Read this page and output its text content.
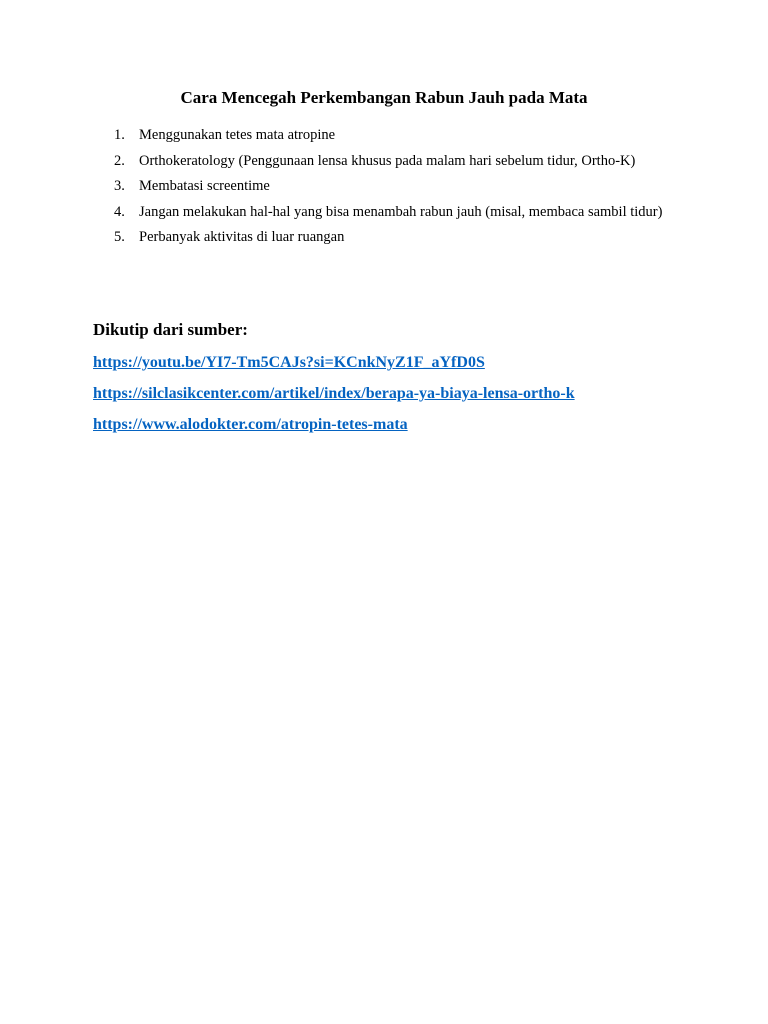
Cara Mencegah Perkembangan Rabun Jauh pada Mata
1. Menggunakan tetes mata atropine
2. Orthokeratology (Penggunaan lensa khusus pada malam hari sebelum tidur, Ortho-K)
3. Membatasi screentime
4. Jangan melakukan hal-hal yang bisa menambah rabun jauh (misal, membaca sambil tidur)
5. Perbanyak aktivitas di luar ruangan

Dikutip dari sumber:

https://youtu.be/YI7-Tm5CAJs?si=KCnkNyZ1F_aYfD0S
https://silclasikcenter.com/artikel/index/berapa-ya-biaya-lensa-ortho-k
https://www.alodokter.com/atropin-tetes-mata
